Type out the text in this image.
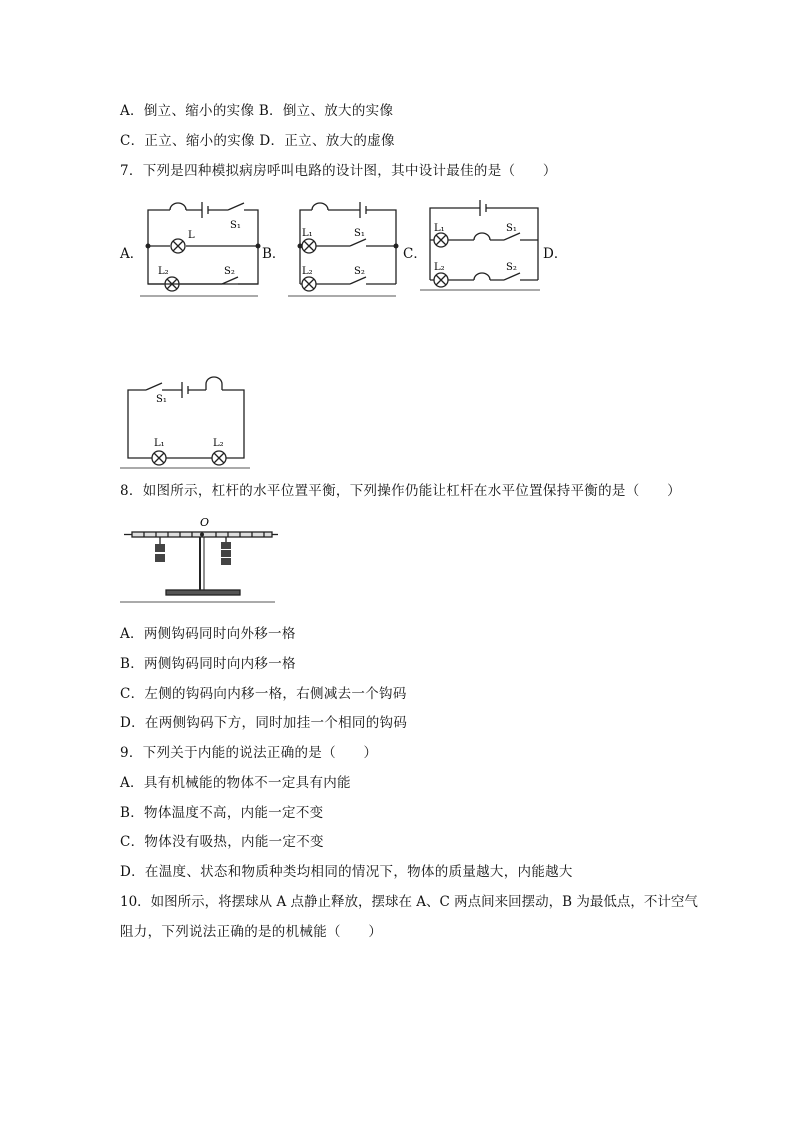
A．倒立、缩小的实像 B．倒立、放大的实像
C．正立、缩小的实像 D．正立、放大的虚像
7．下列是四种模拟病房呼叫电路的设计图，其中设计最佳的是（　　）
A．	B．	C．	D．
S₁
L
L₂	S₂
L₁	S₁
L₂	S₂
L₁	S₁
L₂	S₂
S₁
L₁	L₂
8．如图所示，杠杆的水平位置平衡，下列操作仍能让杠杆在水平位置保持平衡的是（　　）
O
A．两侧钩码同时向外移一格
B．两侧钩码同时向内移一格
C．左侧的钩码向内移一格，右侧减去一个钩码
D．在两侧钩码下方，同时加挂一个相同的钩码
9．下列关于内能的说法正确的是（　　）
A．具有机械能的物体不一定具有内能
B．物体温度不高，内能一定不变
C．物体没有吸热，内能一定不变
D．在温度、状态和物质种类均相同的情况下，物体的质量越大，内能越大
10．如图所示，将摆球从 A 点静止释放，摆球在 A、C 两点间来回摆动，B 为最低点，不计空气
阻力，下列说法正确的是的机械能（　　）
